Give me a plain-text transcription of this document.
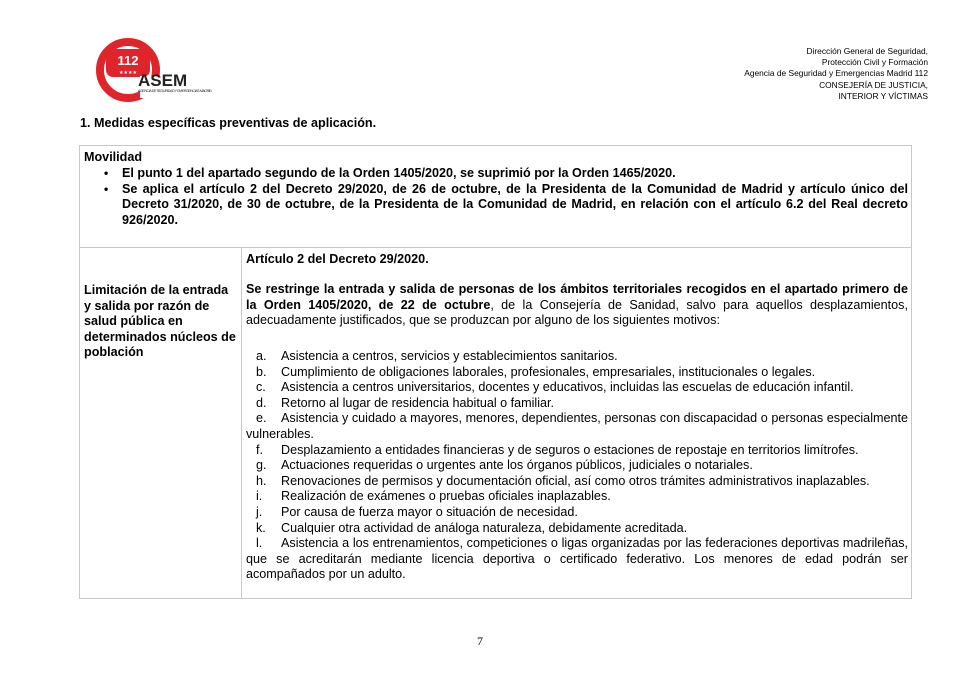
112
★★★★ ASEM
AGENCIA DE SEGURIDAD Y EMERGENCIAS MADRID
Dirección General de Seguridad,
Protección Civil y Formación
Agencia de Seguridad y Emergencias Madrid 112
CONSEJERÍA DE JUSTICIA,
INTERIOR Y VÍCTIMAS
1. Medidas específicas preventivas de aplicación.
Movilidad
• El punto 1 del apartado segundo de la Orden 1405/2020, se suprimió por la Orden 1465/2020.
• Se aplica el artículo 2 del Decreto 29/2020, de 26 de octubre, de la Presidenta de la Comunidad de Madrid y artículo único del Decreto 31/2020, de 30 de octubre, de la Presidenta de la Comunidad de Madrid, en relación con el artículo 6.2 del Real decreto 926/2020.
Limitación de la entrada y salida por razón de salud pública en determinados núcleos de población
Artículo 2 del Decreto 29/2020.

Se restringe la entrada y salida de personas de los ámbitos territoriales recogidos en el apartado primero de la Orden 1405/2020, de 22 de octubre, de la Consejería de Sanidad, salvo para aquellos desplazamientos, adecuadamente justificados, que se produzcan por alguno de los siguientes motivos:

a. Asistencia a centros, servicios y establecimientos sanitarios.
b. Cumplimiento de obligaciones laborales, profesionales, empresariales, institucionales o legales.
c. Asistencia a centros universitarios, docentes y educativos, incluidas las escuelas de educación infantil.
d. Retorno al lugar de residencia habitual o familiar.
e. Asistencia y cuidado a mayores, menores, dependientes, personas con discapacidad o personas especialmente vulnerables.
f. Desplazamiento a entidades financieras y de seguros o estaciones de repostaje en territorios limítrofes.
g. Actuaciones requeridas o urgentes ante los órganos públicos, judiciales o notariales.
h. Renovaciones de permisos y documentación oficial, así como otros trámites administrativos inaplazables.
i. Realización de exámenes o pruebas oficiales inaplazables.
j. Por causa de fuerza mayor o situación de necesidad.
k. Cualquier otra actividad de análoga naturaleza, debidamente acreditada.
l. Asistencia a los entrenamientos, competiciones o ligas organizadas por las federaciones deportivas madrileñas, que se acreditarán mediante licencia deportiva o certificado federativo. Los menores de edad podrán ser acompañados por un adulto.
7
